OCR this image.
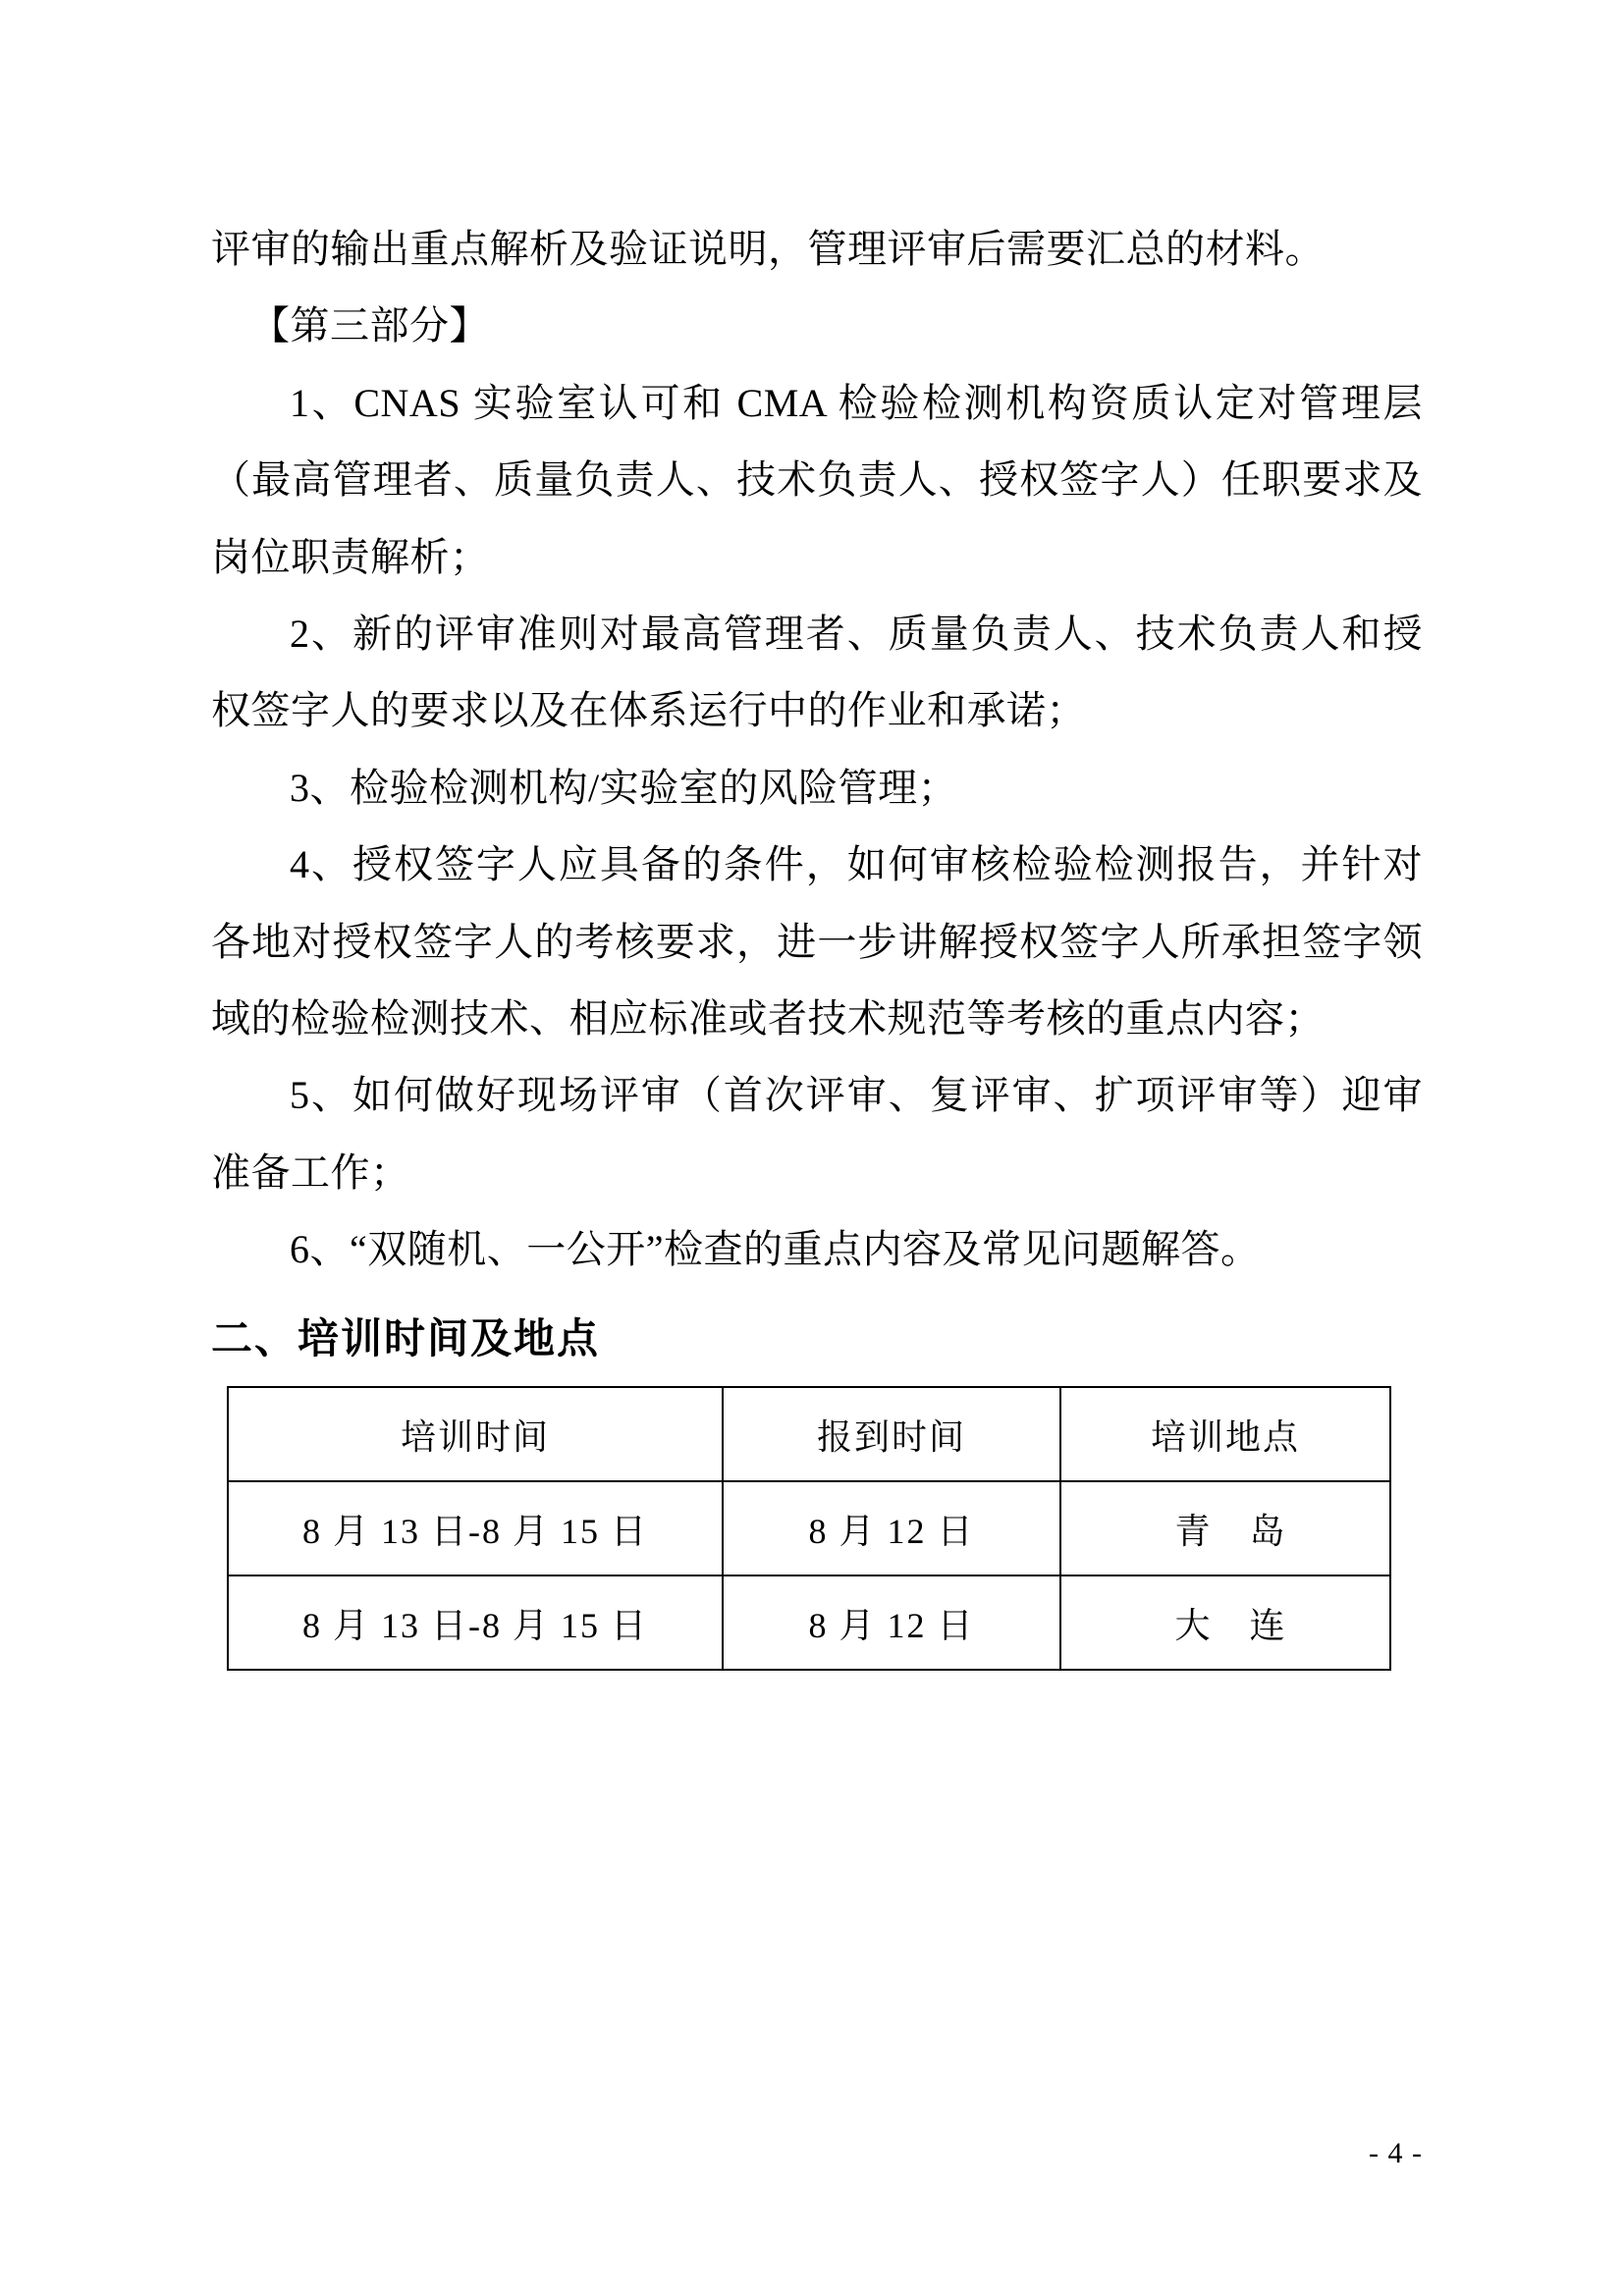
评审的输出重点解析及验证说明，管理评审后需要汇总的材料。

【第三部分】

1、CNAS 实验室认可和 CMA 检验检测机构资质认定对管理层（最高管理者、质量负责人、技术负责人、授权签字人）任职要求及岗位职责解析；

2、新的评审准则对最高管理者、质量负责人、技术负责人和授权签字人的要求以及在体系运行中的作业和承诺；

3、检验检测机构/实验室的风险管理；

4、授权签字人应具备的条件，如何审核检验检测报告，并针对各地对授权签字人的考核要求，进一步讲解授权签字人所承担签字领域的检验检测技术、相应标准或者技术规范等考核的重点内容；

5、如何做好现场评审（首次评审、复评审、扩项评审等）迎审准备工作；

6、“双随机、一公开”检查的重点内容及常见问题解答。

二、培训时间及地点
培训时间	报到时间	培训地点
8 月 13 日-8 月 15 日	8 月 12 日	青　岛
8 月 13 日-8 月 15 日	8 月 12 日	大　连
- 4 -
